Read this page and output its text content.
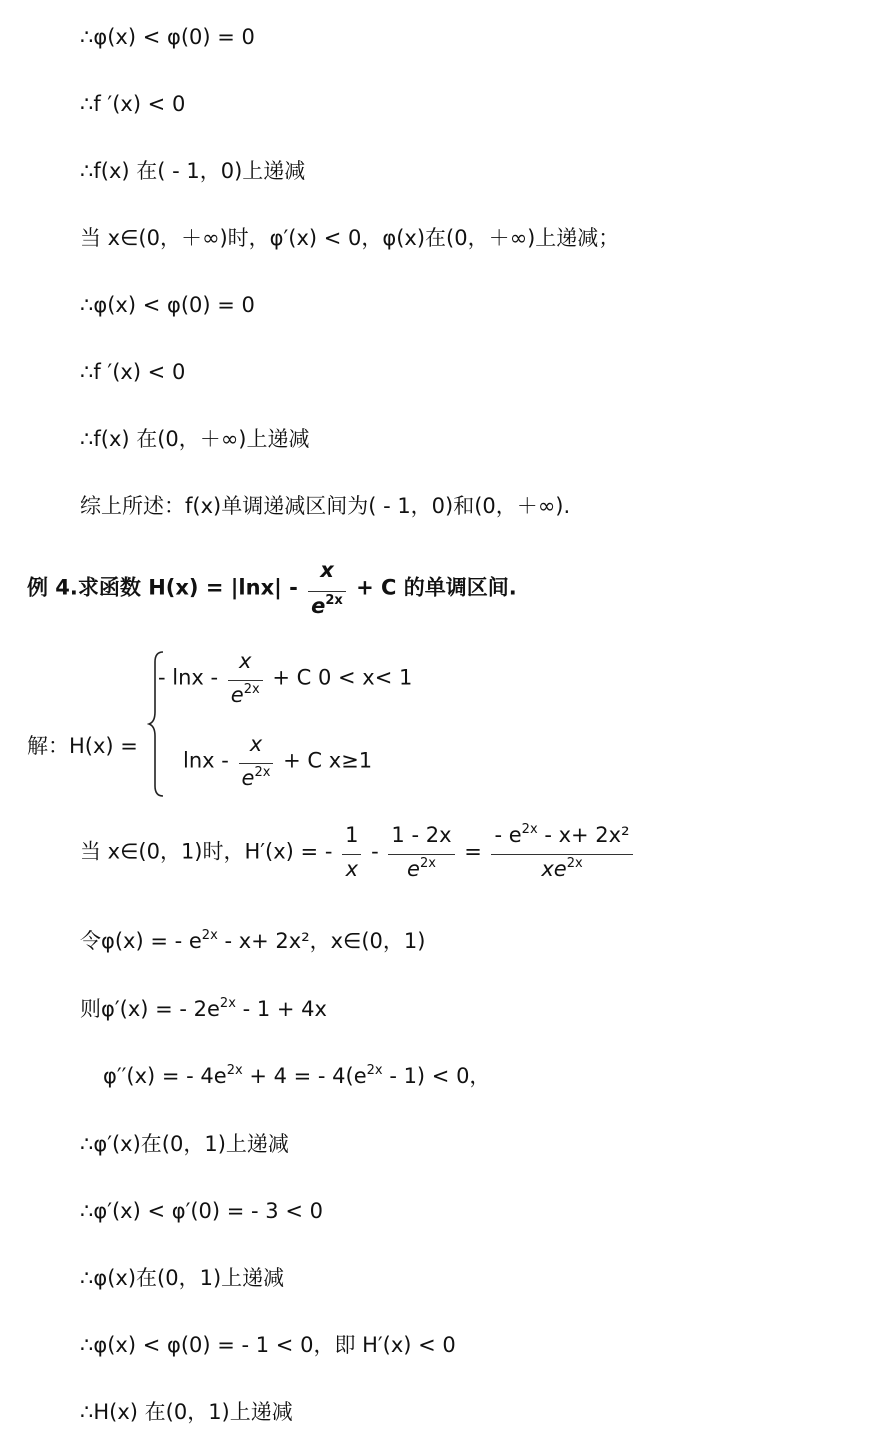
∴φ(x) < φ(0) = 0
∴f ′(x) < 0
∴f(x) 在( - 1，0)上递减
当 x∈(0，＋∞)时，φ′(x) < 0，φ(x)在(0，＋∞)上递减；
∴φ(x) < φ(0) = 0
∴f ′(x) < 0
∴f(x) 在(0，＋∞)上递减
综上所述：f(x)单调递减区间为( - 1，0)和(0，＋∞).
例 4.求函数 $H(x) = |\ln x| - \frac{x}{e^{2x}} + C$ 的单调区间.
解：H(x) =
- $\ln x - \frac{x}{e^{2x}} + C$ 0 < x< 1
$\ln x - \frac{x}{e^{2x}} + C$ x≥1
当 x∈(0，1)时，H′(x) = - $\frac{1}{x} - \frac{1 - 2x}{e^{2x}} = \frac{- e^{2x} - x+ 2x^2}{xe^{2x}}$
令φ(x) = - $e^{2x} - x+ 2x^2$，x∈(0，1)
则φ′(x) = - $2e^{2x} - 1 + 4x$
φ′′(x) = - $4e^{2x} + 4$ = - $4(e^{2x} - 1) < 0$，
∴φ′(x)在(0，1)上递减
∴φ′(x) < φ′(0) = - 3 < 0
∴φ(x)在(0，1)上递减
∴φ(x) < φ(0) = - 1 < 0，即 H′(x) < 0
∴H(x) 在(0，1)上递减
